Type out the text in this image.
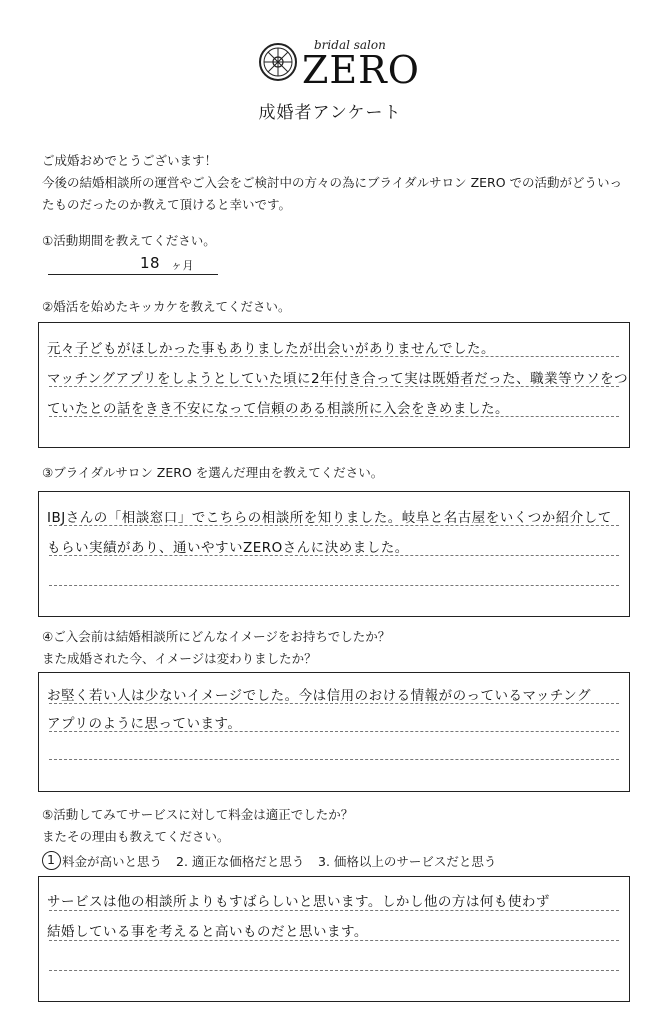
bridal salon
ZERO
成婚者アンケート
ご成婚おめでとうございます！
今後の結婚相談所の運営やご入会をご検討中の方々の為にブライダルサロン ZERO での活動がどういっ
たものだったのか教えて頂けると幸いです。
①活動期間を教えてください。
18 ヶ月
②婚活を始めたキッカケを教えてください。
元々子どもがほしかった事もありましたが出会いがありませんでした。
マッチングアプリをしようとしていた頃に2年付き合って実は既婚者だった、職業等ウソをつ
ていたとの話をきき不安になって信頼のある相談所に入会をきめました。
③ブライダルサロン ZERO を選んだ理由を教えてください。
IBJさんの「相談窓口」でこちらの相談所を知りました。岐阜と名古屋をいくつか紹介して
もらい実績があり、通いやすいZEROさんに決めました。
④ご入会前は結婚相談所にどんなイメージをお持ちでしたか？
また成婚された今、イメージは変わりましたか？
お堅く若い人は少ないイメージでした。今は信用のおける情報がのっているマッチング
アプリのように思っています。
⑤活動してみてサービスに対して料金は適正でしたか？
またその理由も教えてください。
1 料金が高いと思う 2. 適正な価格だと思う 3. 価格以上のサービスだと思う
サービスは他の相談所よりもすばらしいと思います。しかし他の方は何も使わず
結婚している事を考えると高いものだと思います。
